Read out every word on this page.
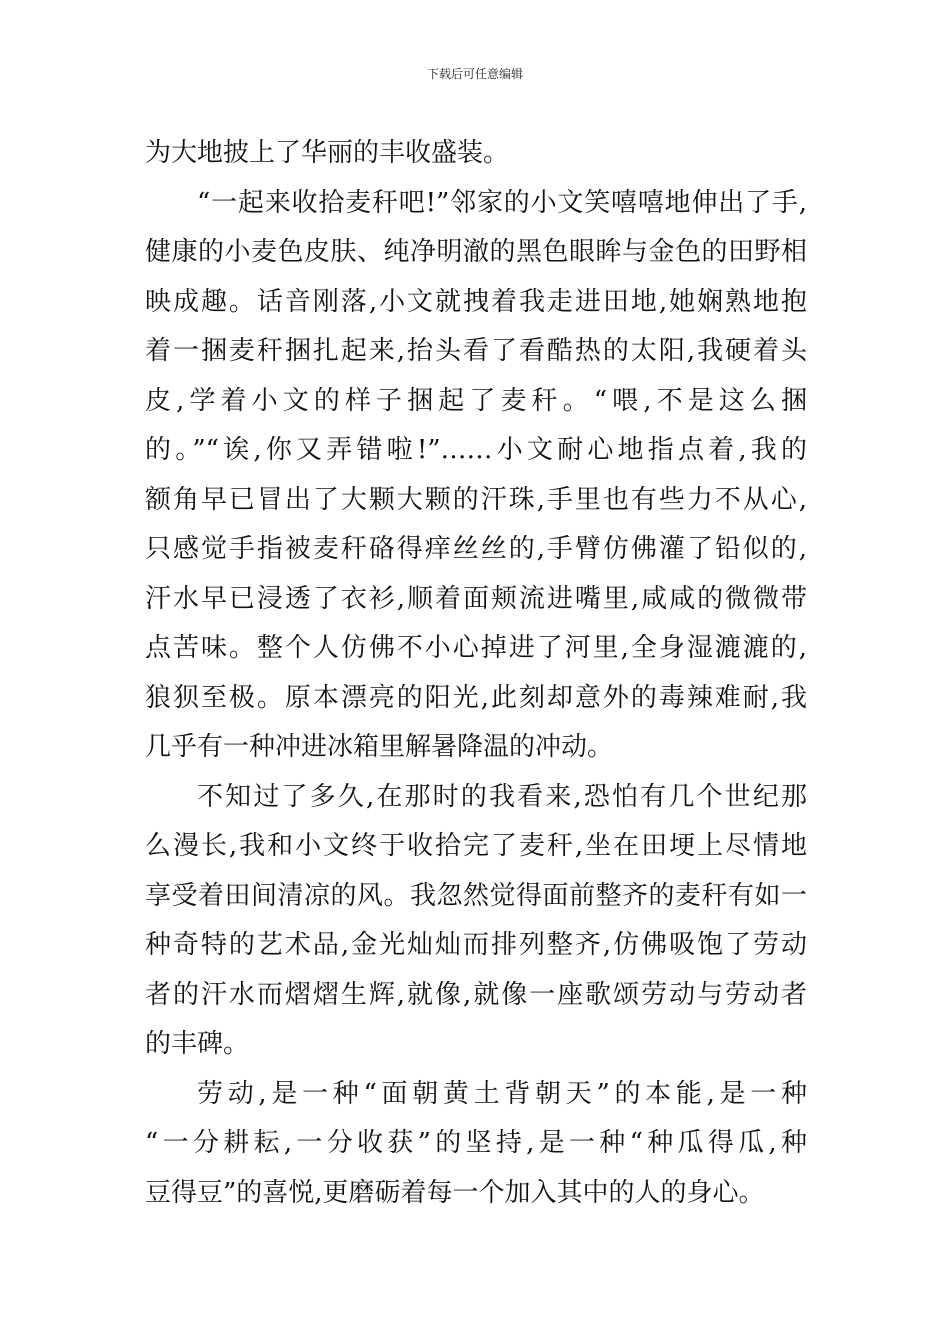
下载后可任意编辑
为大地披上了华丽的丰收盛装。
“一起来收拾麦秆吧!”邻家的小文笑嘻嘻地伸出了手,
健康的小麦色皮肤、纯净明澈的黑色眼眸与金色的田野相
映成趣。话音刚落,小文就拽着我走进田地,她娴熟地抱
着一捆麦秆捆扎起来,抬头看了看酷热的太阳,我硬着头
皮,学着小文的样子捆起了麦秆。“喂,不是这么捆
的。”“诶,你又弄错啦!”……小文耐心地指点着,我的
额角早已冒出了大颗大颗的汗珠,手里也有些力不从心,
只感觉手指被麦秆硌得痒丝丝的,手臂仿佛灌了铅似的,
汗水早已浸透了衣衫,顺着面颊流进嘴里,咸咸的微微带
点苦味。整个人仿佛不小心掉进了河里,全身湿漉漉的,
狼狈至极。原本漂亮的阳光,此刻却意外的毒辣难耐,我
几乎有一种冲进冰箱里解暑降温的冲动。
不知过了多久,在那时的我看来,恐怕有几个世纪那
么漫长,我和小文终于收拾完了麦秆,坐在田埂上尽情地
享受着田间清凉的风。我忽然觉得面前整齐的麦秆有如一
种奇特的艺术品,金光灿灿而排列整齐,仿佛吸饱了劳动
者的汗水而熠熠生辉,就像,就像一座歌颂劳动与劳动者
的丰碑。
劳动,是一种“面朝黄土背朝天”的本能,是一种
“一分耕耘,一分收获”的坚持,是一种“种瓜得瓜,种
豆得豆”的喜悦,更磨砺着每一个加入其中的人的身心。
